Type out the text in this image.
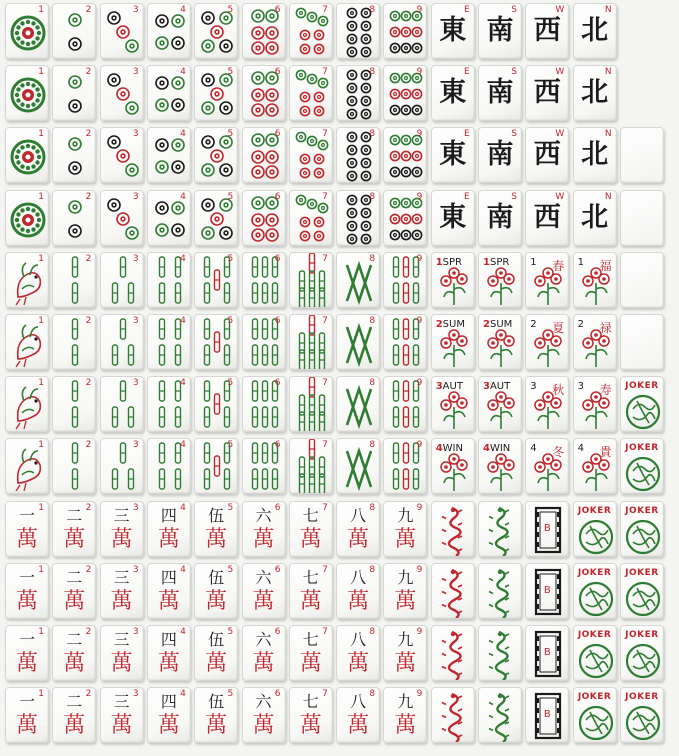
1	2	3	4	5	6	7	8	9
東
E
南
S
西
W
北
N
1	2	3	4	5	6	7	8	9
東
E
南
S
西
W
北
N
1	2	3	4	5	6	7	8	9
東
E
南
S
西
W
北
N
1	2	3	4	5	6	7	8	9
東
E
南
S
西
W
北
N
1	2	3	4	5	6	7	8	9 1SPR 1SPR 1 春 1 福
1	2	3	4	5	6	7	8	9 2SUM 2SUM 2 夏 2 禄
1	2	3	4	5	6	7	8	9 3AUT 3AUT 3 秋 3 寿	JOKER
1	2	3	4	5	6	7	8	9 4WIN 4WIN 4 冬 4 貴	JOKER
一
萬
1	二
萬
2	三
萬
3	四
萬
4	伍
萬
5	六
萬
6	七
萬
7	八
萬
8	九
萬
9
B
JOKER	JOKER
一
萬
1	二
萬
2	三
萬
3	四
萬
4	伍
萬
5	六
萬
6	七
萬
7	八
萬
8	九
萬
9
B
JOKER	JOKER
一
萬
1	二
萬
2	三
萬
3	四
萬
4	伍
萬
5	六
萬
6	七
萬
7	八
萬
8	九
萬
9
B
JOKER	JOKER
一
萬
1	二
萬
2	三
萬
3	四
萬
4	伍
萬
5	六
萬
6	七
萬
7	八
萬
8	九
萬
9
B
JOKER	JOKER
